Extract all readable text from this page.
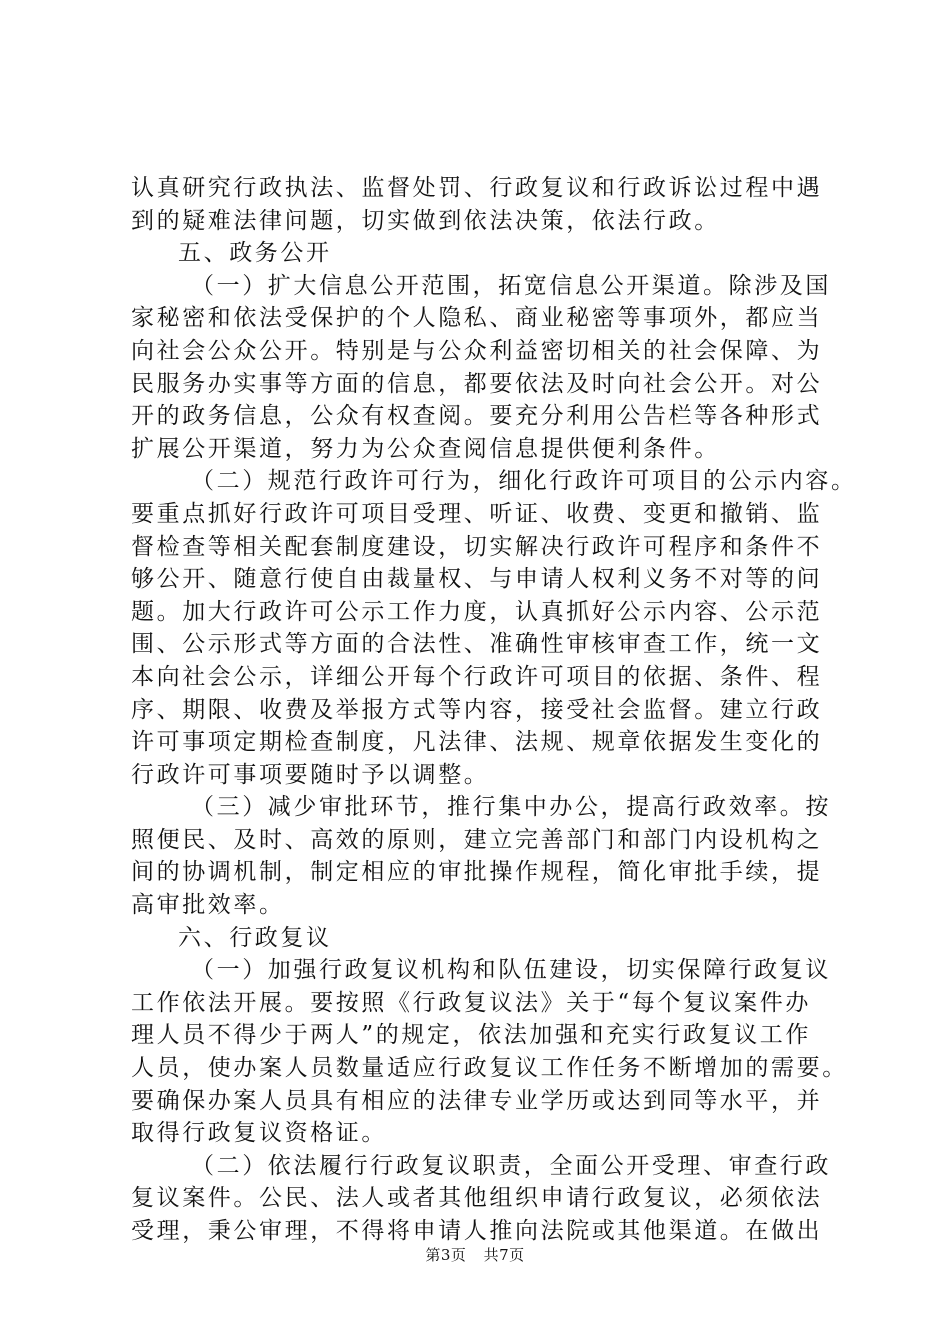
认真研究行政执法、监督处罚、行政复议和行政诉讼过程中遇
到的疑难法律问题，切实做到依法决策，依法行政。
五、政务公开
（一）扩大信息公开范围，拓宽信息公开渠道。除涉及国
家秘密和依法受保护的个人隐私、商业秘密等事项外，都应当
向社会公众公开。特别是与公众利益密切相关的社会保障、为
民服务办实事等方面的信息，都要依法及时向社会公开。对公
开的政务信息，公众有权查阅。要充分利用公告栏等各种形式
扩展公开渠道，努力为公众查阅信息提供便利条件。
（二）规范行政许可行为，细化行政许可项目的公示内容。
要重点抓好行政许可项目受理、听证、收费、变更和撤销、监
督检查等相关配套制度建设，切实解决行政许可程序和条件不
够公开、随意行使自由裁量权、与申请人权利义务不对等的问
题。加大行政许可公示工作力度，认真抓好公示内容、公示范
围、公示形式等方面的合法性、准确性审核审查工作，统一文
本向社会公示，详细公开每个行政许可项目的依据、条件、程
序、期限、收费及举报方式等内容，接受社会监督。建立行政
许可事项定期检查制度，凡法律、法规、规章依据发生变化的
行政许可事项要随时予以调整。
（三）减少审批环节，推行集中办公，提高行政效率。按
照便民、及时、高效的原则，建立完善部门和部门内设机构之
间的协调机制，制定相应的审批操作规程，简化审批手续，提
高审批效率。
六、行政复议
（一）加强行政复议机构和队伍建设，切实保障行政复议
工作依法开展。要按照《行政复议法》关于“每个复议案件办
理人员不得少于两人”的规定，依法加强和充实行政复议工作
人员，使办案人员数量适应行政复议工作任务不断增加的需要。
要确保办案人员具有相应的法律专业学历或达到同等水平，并
取得行政复议资格证。
（二）依法履行行政复议职责，全面公开受理、审查行政
复议案件。公民、法人或者其他组织申请行政复议，必须依法
受理，秉公审理，不得将申请人推向法院或其他渠道。在做出
第3页 共7页
